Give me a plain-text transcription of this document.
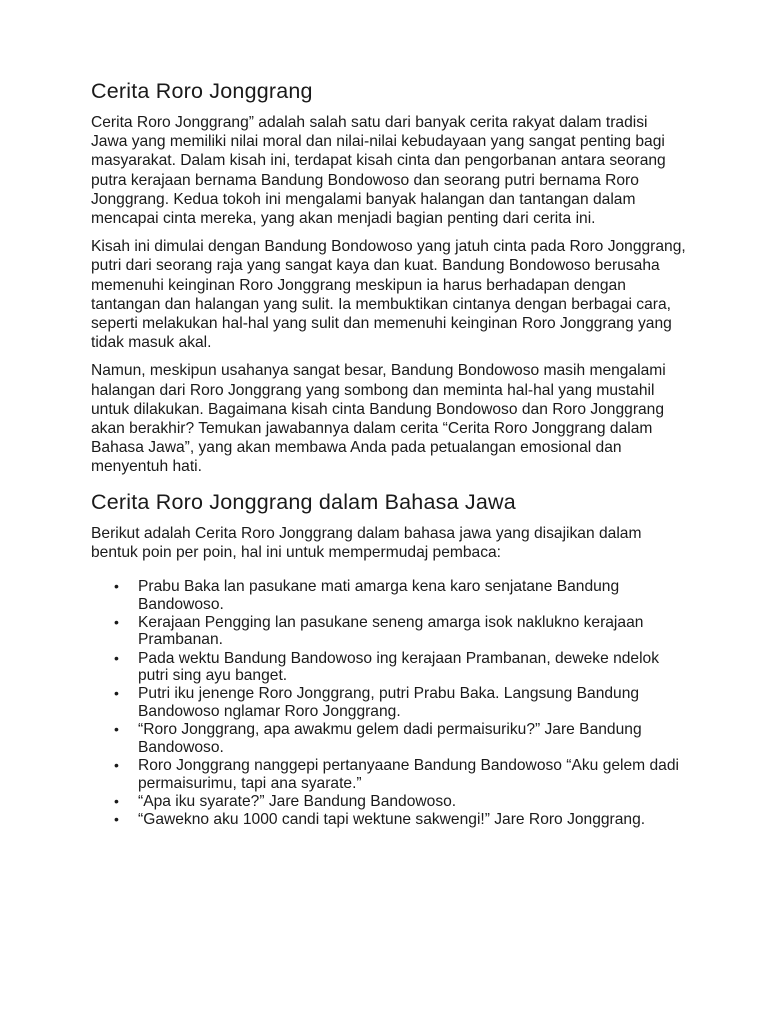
Cerita Roro Jonggrang

Cerita Roro Jonggrang” adalah salah satu dari banyak cerita rakyat dalam tradisi Jawa yang memiliki nilai moral dan nilai-nilai kebudayaan yang sangat penting bagi masyarakat. Dalam kisah ini, terdapat kisah cinta dan pengorbanan antara seorang putra kerajaan bernama Bandung Bondowoso dan seorang putri bernama Roro Jonggrang. Kedua tokoh ini mengalami banyak halangan dan tantangan dalam mencapai cinta mereka, yang akan menjadi bagian penting dari cerita ini.

Kisah ini dimulai dengan Bandung Bondowoso yang jatuh cinta pada Roro Jonggrang, putri dari seorang raja yang sangat kaya dan kuat. Bandung Bondowoso berusaha memenuhi keinginan Roro Jonggrang meskipun ia harus berhadapan dengan tantangan dan halangan yang sulit. Ia membuktikan cintanya dengan berbagai cara, seperti melakukan hal-hal yang sulit dan memenuhi keinginan Roro Jonggrang yang tidak masuk akal.

Namun, meskipun usahanya sangat besar, Bandung Bondowoso masih mengalami halangan dari Roro Jonggrang yang sombong dan meminta hal-hal yang mustahil untuk dilakukan. Bagaimana kisah cinta Bandung Bondowoso dan Roro Jonggrang akan berakhir? Temukan jawabannya dalam cerita “Cerita Roro Jonggrang dalam Bahasa Jawa”, yang akan membawa Anda pada petualangan emosional dan menyentuh hati.

Cerita Roro Jonggrang dalam Bahasa Jawa

Berikut adalah Cerita Roro Jonggrang dalam bahasa jawa yang disajikan dalam bentuk poin per poin, hal ini untuk mempermudaj pembaca:

• Prabu Baka lan pasukane mati amarga kena karo senjatane Bandung Bandowoso.
• Kerajaan Pengging lan pasukane seneng amarga isok naklukno kerajaan Prambanan.
• Pada wektu Bandung Bandowoso ing kerajaan Prambanan, deweke ndelok putri sing ayu banget.
• Putri iku jenenge Roro Jonggrang, putri Prabu Baka. Langsung Bandung Bandowoso nglamar Roro Jonggrang.
• “Roro Jonggrang, apa awakmu gelem dadi permaisuriku?” Jare Bandung Bandowoso.
• Roro Jonggrang nanggepi pertanyaane Bandung Bandowoso “Aku gelem dadi permaisurimu, tapi ana syarate.”
• “Apa iku syarate?” Jare Bandung Bandowoso.
• “Gawekno aku 1000 candi tapi wektune sakwengi!” Jare Roro Jonggrang.
